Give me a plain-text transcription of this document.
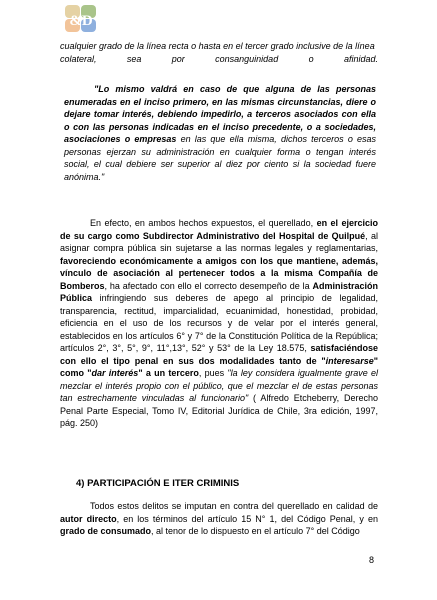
&D
cualquier grado de la línea recta o hasta en el tercer grado inclusive de la línea
colateral,	sea	por	consanguinidad	o	afinidad.
"Lo mismo valdrá en caso de que alguna de las personas enumeradas en el inciso primero, en las mismas circunstancias, diere o dejare tomar interés, debiendo impedirlo, a terceros asociados con ella o con las personas indicadas en el inciso precedente, o a sociedades, asociaciones o empresas en las que ella misma, dichos terceros o esas personas ejerzan su administración en cualquier forma o tengan interés social, el cual debiere ser superior al diez por ciento si la sociedad fuere anónima."
En efecto, en ambos hechos expuestos, el querellado, en el ejercicio de su cargo como Subdirector Administrativo del Hospital de Quilpué, al asignar compra pública sin sujetarse a las normas legales y reglamentarias, favoreciendo económicamente a amigos con los que mantiene, además, vínculo de asociación al pertenecer todos a la misma Compañía de Bomberos, ha afectado con ello el correcto desempeño de la Administración Pública infringiendo sus deberes de apego al principio de legalidad, transparencia, rectitud, imparcialidad, ecuanimidad, honestidad, probidad, eficiencia en el uso de los recursos y de velar por el interés general, establecidos en los artículos 6° y 7° de la Constitución Política de la República; artículos 2°, 3°, 5°, 9°, 11°,13°, 52° y 53° de la Ley 18.575, satisfaciéndose con ello el tipo penal en sus dos modalidades tanto de "interesarse" como "dar interés" a un tercero, pues "la ley considera igualmente grave el mezclar el interés propio con el público, que el mezclar el de estas personas tan estrechamente vinculadas al funcionario" ( Alfredo Etcheberry, Derecho Penal Parte Especial, Tomo IV, Editorial Jurídica de Chile, 3ra edición, 1997, pág. 250)
4) PARTICIPACIÓN E ITER CRIMINIS
Todos estos delitos se imputan en contra del querellado en calidad de autor directo, en los términos del artículo 15 N° 1, del Código Penal, y en grado de consumado, al tenor de lo dispuesto en el artículo 7° del Código
8
